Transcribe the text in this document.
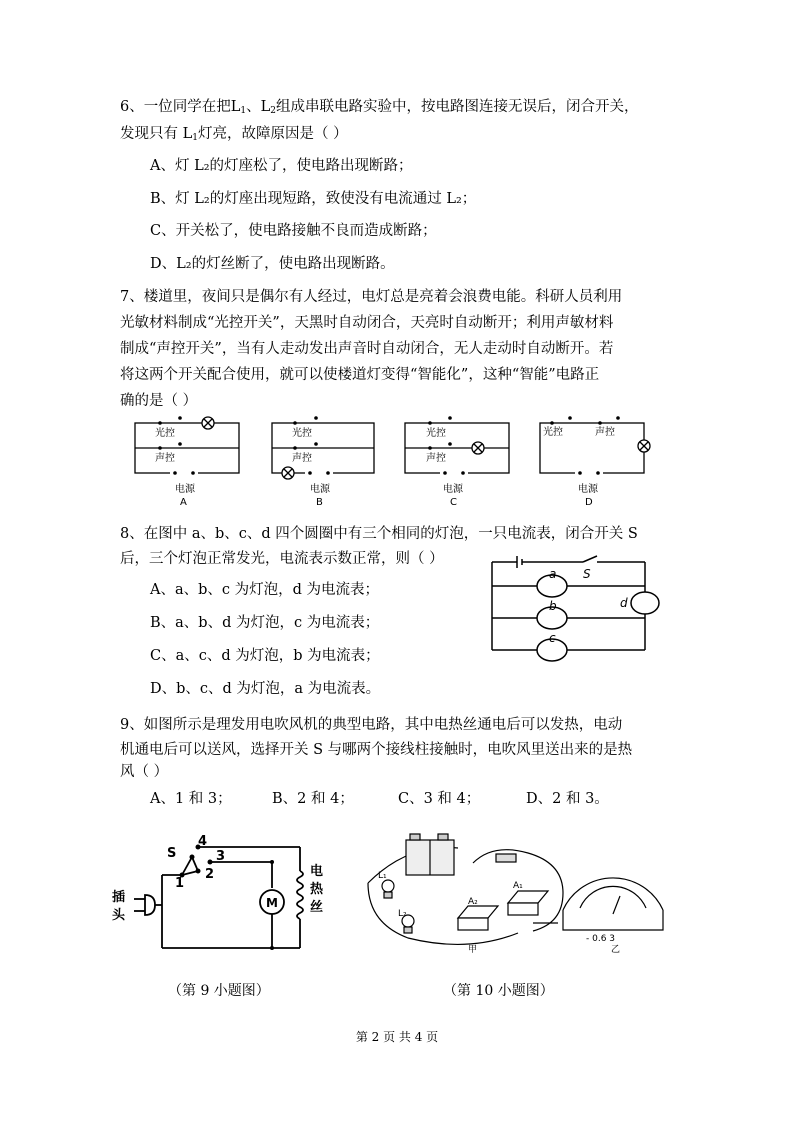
6、一位同学在把$L_1$、$L_2$组成串联电路实验中，按电路图连接无误后，闭合开关，
发现只有 $L_1$灯亮，故障原因是（ ）
A、灯 L₂的灯座松了，使电路出现断路；
B、灯 L₂的灯座出现短路，致使没有电流通过 L₂；
C、开关松了，使电路接触不良而造成断路；
D、L₂的灯丝断了，使电路出现断路。
7、楼道里，夜间只是偶尔有人经过，电灯总是亮着会浪费电能。科研人员利用
光敏材料制成“光控开关”，天黑时自动闭合，天亮时自动断开；利用声敏材料
制成“声控开关”，当有人走动发出声音时自动闭合，无人走动时自动断开。若
将这两个开关配合使用，就可以使楼道灯变得“智能化”，这种“智能”电路正
确的是（ ）
光控
声控
电源
A
光控
声控
电源
B
光控
声控
电源
C
光控	声控
电源
D
8、在图中 a、b、c、d 四个圆圈中有三个相同的灯泡，一只电流表，闭合开关 S
后，三个灯泡正常发光，电流表示数正常，则（ ）
A、a、b、c 为灯泡，d 为电流表；
B、a、b、d 为灯泡，c 为电流表；
C、a、c、d 为灯泡，b 为电流表；
D、b、c、d 为灯泡，a 为电流表。
a
b
c
d
S
9、如图所示是理发用电吹风机的典型电路，其中电热丝通电后可以发热，电动
机通电后可以送风，选择开关 S 与哪两个接线柱接触时，电吹风里送出来的是热
风（ ）
A、1 和 3；	B、2 和 4；	C、3 和 4；	D、2 和 3。
S
4
3
2
1
M
插
头
电
热
丝
L₁
L₂
A₁
A₂
- 0.6 3
甲	乙
（第 9 小题图）	（第 10 小题图）
第 2 页 共 4 页
